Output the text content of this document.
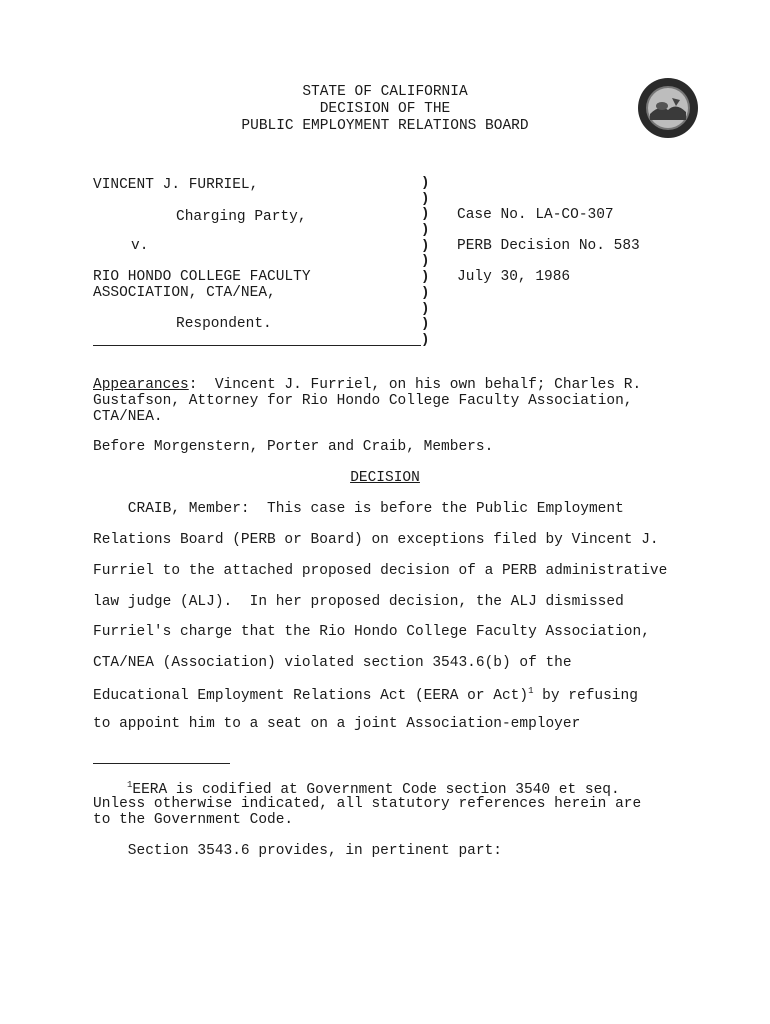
STATE OF CALIFORNIA
DECISION OF THE
PUBLIC EMPLOYMENT RELATIONS BOARD
VINCENT J. FURRIEL,
Charging Party,
v.
RIO HONDO COLLEGE FACULTY
ASSOCIATION, CTA/NEA,
Respondent.
)
)
)
)
)
)
)
)
)
)
)
Case No. LA-CO-307
PERB Decision No. 583
July 30, 1986
Appearances:  Vincent J. Furriel, on his own behalf; Charles R.
Gustafson, Attorney for Rio Hondo College Faculty Association,
CTA/NEA.
Before Morgenstern, Porter and Craib, Members.
DECISION
CRAIB, Member:  This case is before the Public Employment
Relations Board (PERB or Board) on exceptions filed by Vincent J.
Furriel to the attached proposed decision of a PERB administrative
law judge (ALJ).  In her proposed decision, the ALJ dismissed
Furriel's charge that the Rio Hondo College Faculty Association,
CTA/NEA (Association) violated section 3543.6(b) of the
Educational Employment Relations Act (EERA or Act)$^1$ by refusing
to appoint him to a seat on a joint Association-employer
$^1$EERA is codified at Government Code section 3540 et seq.
Unless otherwise indicated, all statutory references herein are
to the Government Code.
Section 3543.6 provides, in pertinent part:
